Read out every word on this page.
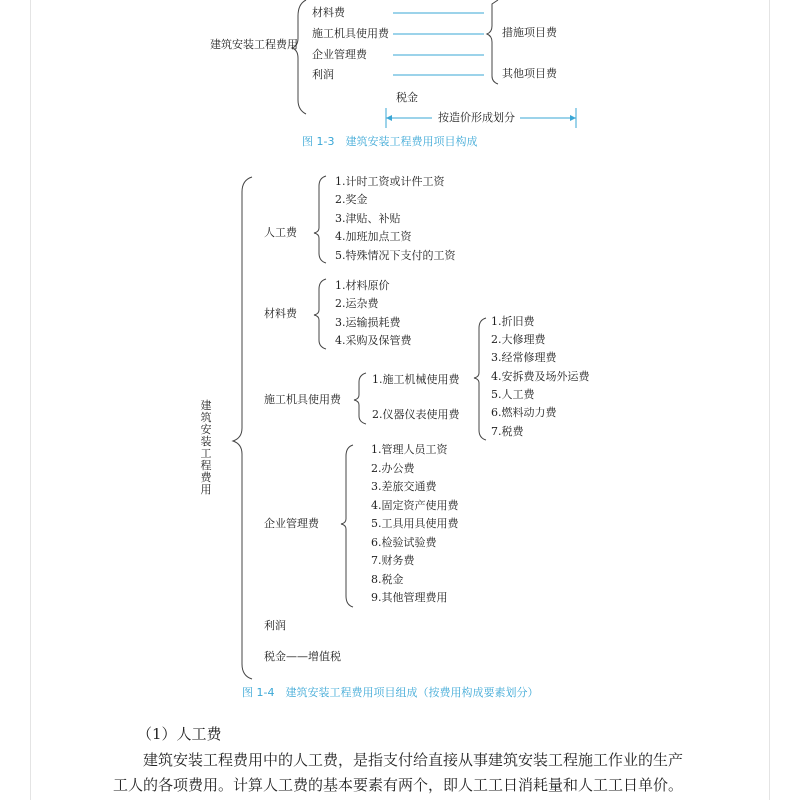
建筑安装工程费用
材料费
施工机具使用费
企业管理费
利润
措施项目费
其他项目费
税金
按造价形成划分
图 1-3　建筑安装工程费用项目构成
建筑安装工程费用
人工费
1.计时工资或计件工资
2.奖金
3.津贴、补贴
4.加班加点工资
5.特殊情况下支付的工资
材料费
1.材料原价
2.运杂费
3.运输损耗费
4.采购及保管费
施工机具使用费
1.施工机械使用费
2.仪器仪表使用费
1.折旧费
2.大修理费
3.经常修理费
4.安拆费及场外运费
5.人工费
6.燃料动力费
7.税费
企业管理费
1.管理人员工资
2.办公费
3.差旅交通费
4.固定资产使用费
5.工具用具使用费
6.检验试验费
7.财务费
8.税金
9.其他管理费用
利润
税金——增值税
图 1-4　建筑安装工程费用项目组成（按费用构成要素划分）
（1）人工费
建筑安装工程费用中的人工费，是指支付给直接从事建筑安装工程施工作业的生产
工人的各项费用。计算人工费的基本要素有两个，即人工工日消耗量和人工工日单价。
